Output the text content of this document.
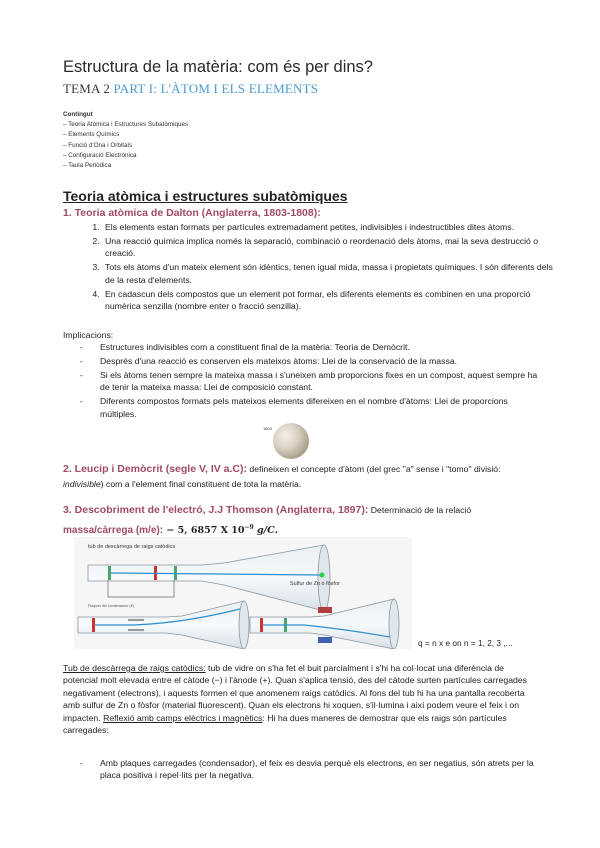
Estructura de la matèria: com és per dins?
TEMA 2 PART I: L'ÀTOM I ELS ELEMENTS
Contingut
– Teoria Atòmica i Estructures Subatòmiques
– Elements Químics
– Funció d'Ona i Orbitals
– Configuració Electrònica
– Taula Periòdica
Teoria atòmica i estructures subatòmiques
1. Teoria atòmica de Dalton (Anglaterra, 1803-1808):
1. Els elements estan formats per partícules extremadament petites, indivisibles i indestructibles dites àtoms.
2. Una reacció química implica només la separació, combinació o reordenació dels àtoms, mai la seva destrucció o creació.
3. Tots els àtoms d'un mateix element són idèntics, tenen igual mida, massa i propietats químiques. I són diferents dels de la resta d'elements.
4. En cadascun dels compostos que un element pot formar, els diferents elements es combinen en una proporció numèrica senzilla (nombre enter o fracció senzilla).
Implicacions:
- Estructures indivisibles com a constituent final de la matèria: Teoria de Demòcrit.
- Després d'una reacció es conserven els mateixos àtoms: Llei de la conservació de la massa.
- Si els àtoms tenen sempre la mateixa massa i s'uneixen amb proporcions fixes en un compost, aquest sempre ha de tenir la mateixa massa: Llei de composició constant.
- Diferents compostos formats pels mateixos elements difereixen en el nombre d'àtoms: Llei de proporcions múltiples.
1803
2. Leucip i Demòcrit (segle V, IV a.C): defineixen el concepte d'àtom (del grec "a" sense i "tomo" divisió: indivisible) com a l'element final constituent de tota la matèria.
3. Descobriment de l'electró, J.J Thomson (Anglaterra, 1897): Determinació de la relació
massa/càrrega (m/e): − 5, 6857 X $10^{-9}$ g/C.
tub de descàrrega de raigs catòdics
Sulfur de Zn o fòsfor
Plaques del condensador (E)
q = n x e on n = 1, 2, 3 ,...
Tub de descàrrega de raigs catòdics: tub de vidre on s'ha fet el buit parcialment i s'hi ha col·locat una diferència de potencial molt elevada entre el càtode (−) i l'ànode (+). Quan s'aplica tensió, des del càtode surten partícules carregades negativament (electrons), i aquests formen el que anomenem raigs catòdics. Al fons del tub hi ha una pantalla recoberta amb sulfur de Zn o fòsfor (material fluorescent). Quan els electrons hi xoquen, s'il·lumina i així podem veure el feix i on impacten. Reflexió amb camps elèctrics i magnètics: Hi ha dues maneres de demostrar que els raigs són partícules carregades:
- Amb plaques carregades (condensador), el feix es desvia perquè els electrons, en ser negatius, són atrets per la placa positiva i repel·lits per la negativa.
